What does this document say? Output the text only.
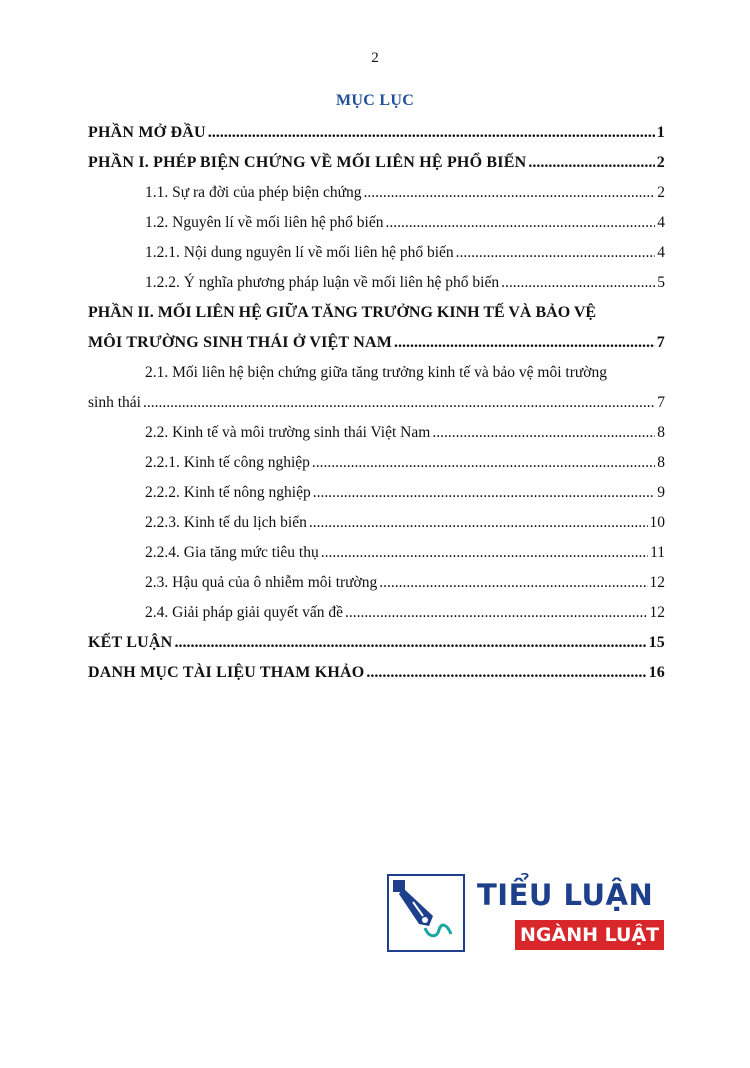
2
MỤC LỤC
PHẦN MỞ ĐẦU .....	1
PHẦN I. PHÉP BIỆN CHỨNG VỀ MỐI LIÊN HỆ PHỔ BIẾN .....	2
1.1. Sự ra đời của phép biện chứng .....	2
1.2. Nguyên lí về mối liên hệ phổ biến .....	4
1.2.1. Nội dung nguyên lí về mối liên hệ phổ biến .....	4
1.2.2. Ý nghĩa phương pháp luận về mối liên hệ phổ biến .....	5
PHẦN II. MỐI LIÊN HỆ GIỮA TĂNG TRƯỞNG KINH TẾ VÀ BẢO VỆ
MÔI TRƯỜNG SINH THÁI Ở VIỆT NAM .....	7
2.1. Mối liên hệ biện chứng giữa tăng trưởng kinh tế và bảo vệ môi trường
sinh thái .....	7
2.2. Kinh tế và môi trường sinh thái Việt Nam .....	8
2.2.1. Kinh tế công nghiệp .....	8
2.2.2. Kinh tế nông nghiệp .....	9
2.2.3. Kinh tế du lịch biển .....	10
2.2.4. Gia tăng mức tiêu thụ .....	11
2.3. Hậu quả của ô nhiễm môi trường .....	12
2.4. Giải pháp giải quyết vấn đề .....	12
KẾT LUẬN .....	15
DANH MỤC TÀI LIỆU THAM KHẢO .....	16
TIỂU LUẬN
NGÀNH LUẬT
